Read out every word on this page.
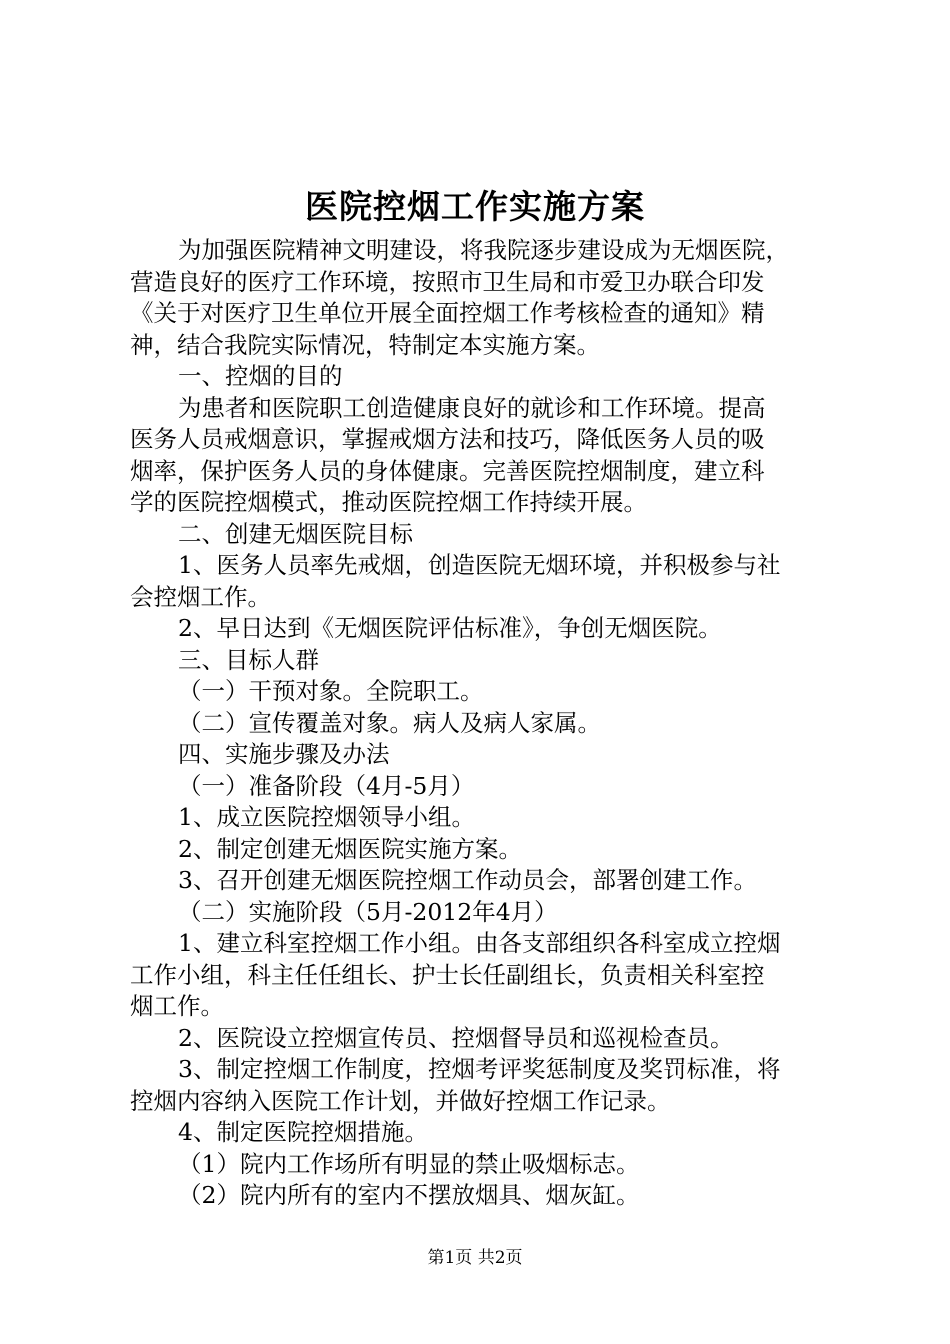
医院控烟工作实施方案
为加强医院精神文明建设，将我院逐步建设成为无烟医院，
营造良好的医疗工作环境，按照市卫生局和市爱卫办联合印发
《关于对医疗卫生单位开展全面控烟工作考核检查的通知》精
神，结合我院实际情况，特制定本实施方案。
一、控烟的目的
为患者和医院职工创造健康良好的就诊和工作环境。提高
医务人员戒烟意识，掌握戒烟方法和技巧，降低医务人员的吸
烟率，保护医务人员的身体健康。完善医院控烟制度，建立科
学的医院控烟模式，推动医院控烟工作持续开展。
二、创建无烟医院目标
1、医务人员率先戒烟，创造医院无烟环境，并积极参与社
会控烟工作。
2、早日达到《无烟医院评估标准》，争创无烟医院。
三、目标人群
（一）干预对象。全院职工。
（二）宣传覆盖对象。病人及病人家属。
四、实施步骤及办法
（一）准备阶段（4月-5月）
1、成立医院控烟领导小组。
2、制定创建无烟医院实施方案。
3、召开创建无烟医院控烟工作动员会，部署创建工作。
（二）实施阶段（5月-2012年4月）
1、建立科室控烟工作小组。由各支部组织各科室成立控烟
工作小组，科主任任组长、护士长任副组长，负责相关科室控
烟工作。
2、医院设立控烟宣传员、控烟督导员和巡视检查员。
3、制定控烟工作制度，控烟考评奖惩制度及奖罚标准，将
控烟内容纳入医院工作计划，并做好控烟工作记录。
4、制定医院控烟措施。
（1）院内工作场所有明显的禁止吸烟标志。
（2）院内所有的室内不摆放烟具、烟灰缸。
第1页 共2页
